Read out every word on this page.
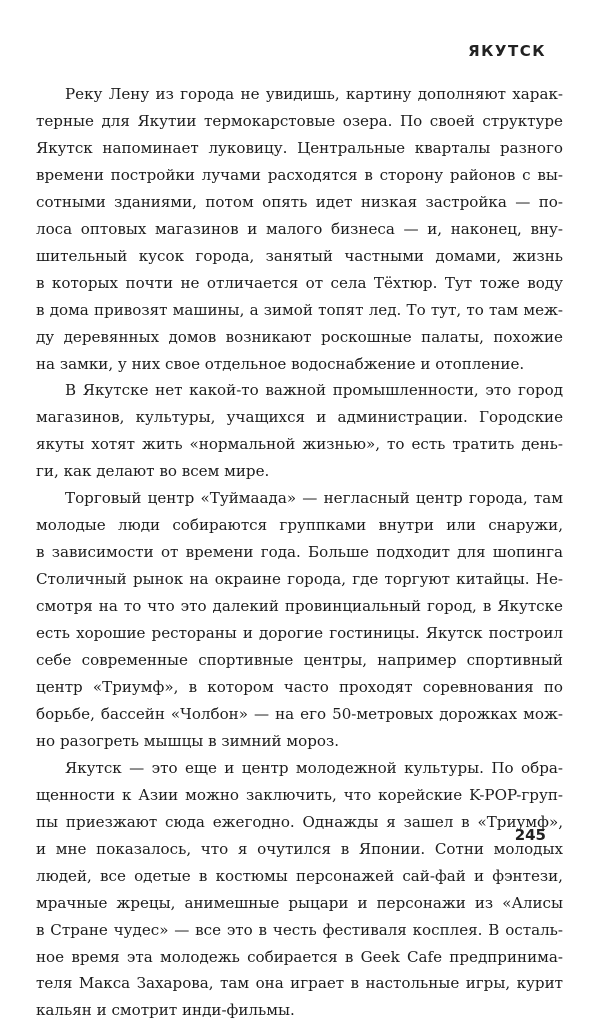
ЯКУТСК

Реку Лену из города не увидишь, картину дополняют харак-
терные для Якутии термокарстовые озера. По своей структуре
Якутск напоминает луковицу. Центральные кварталы разного
времени постройки лучами расходятся в сторону районов с вы-
сотными зданиями, потом опять идет низкая застройка — по-
лоса оптовых магазинов и малого бизнеса — и, наконец, вну-
шительный кусок города, занятый частными домами, жизнь
в которых почти не отличается от села Тёхтюр. Тут тоже воду
в дома привозят машины, а зимой топят лед. То тут, то там меж-
ду деревянных домов возникают роскошные палаты, похожие
на замки, у них свое отдельное водоснабжение и отопление.

В Якутске нет какой-то важной промышленности, это город
магазинов, культуры, учащихся и администрации. Городские
якуты хотят жить «нормальной жизнью», то есть тратить день-
ги, как делают во всем мире.

Торговый центр «Туймаада» — негласный центр города, там
молодые люди собираются группками внутри или снаружи,
в зависимости от времени года. Больше подходит для шопинга
Столичный рынок на окраине города, где торгуют китайцы. Не-
смотря на то что это далекий провинциальный город, в Якутске
есть хорошие рестораны и дорогие гостиницы. Якутск построил
себе современные спортивные центры, например спортивный
центр «Триумф», в котором часто проходят соревнования по
борьбе, бассейн «Чолбон» — на его 50-метровых дорожках мож-
но разогреть мышцы в зимний мороз.

Якутск — это еще и центр молодежной культуры. По обра-
щенности к Азии можно заключить, что корейские K-POP-груп-
пы приезжают сюда ежегодно. Однажды я зашел в «Триумф»,
и мне показалось, что я очутился в Японии. Сотни молодых
людей, все одетые в костюмы персонажей сай-фай и фэнтези,
мрачные жрецы, анимешные рыцари и персонажи из «Алисы
в Стране чудес» — все это в честь фестиваля косплея. В осталь-
ное время эта молодежь собирается в Geek Cafe предпринима-
теля Макса Захарова, там она играет в настольные игры, курит
кальян и смотрит инди-фильмы.

245
